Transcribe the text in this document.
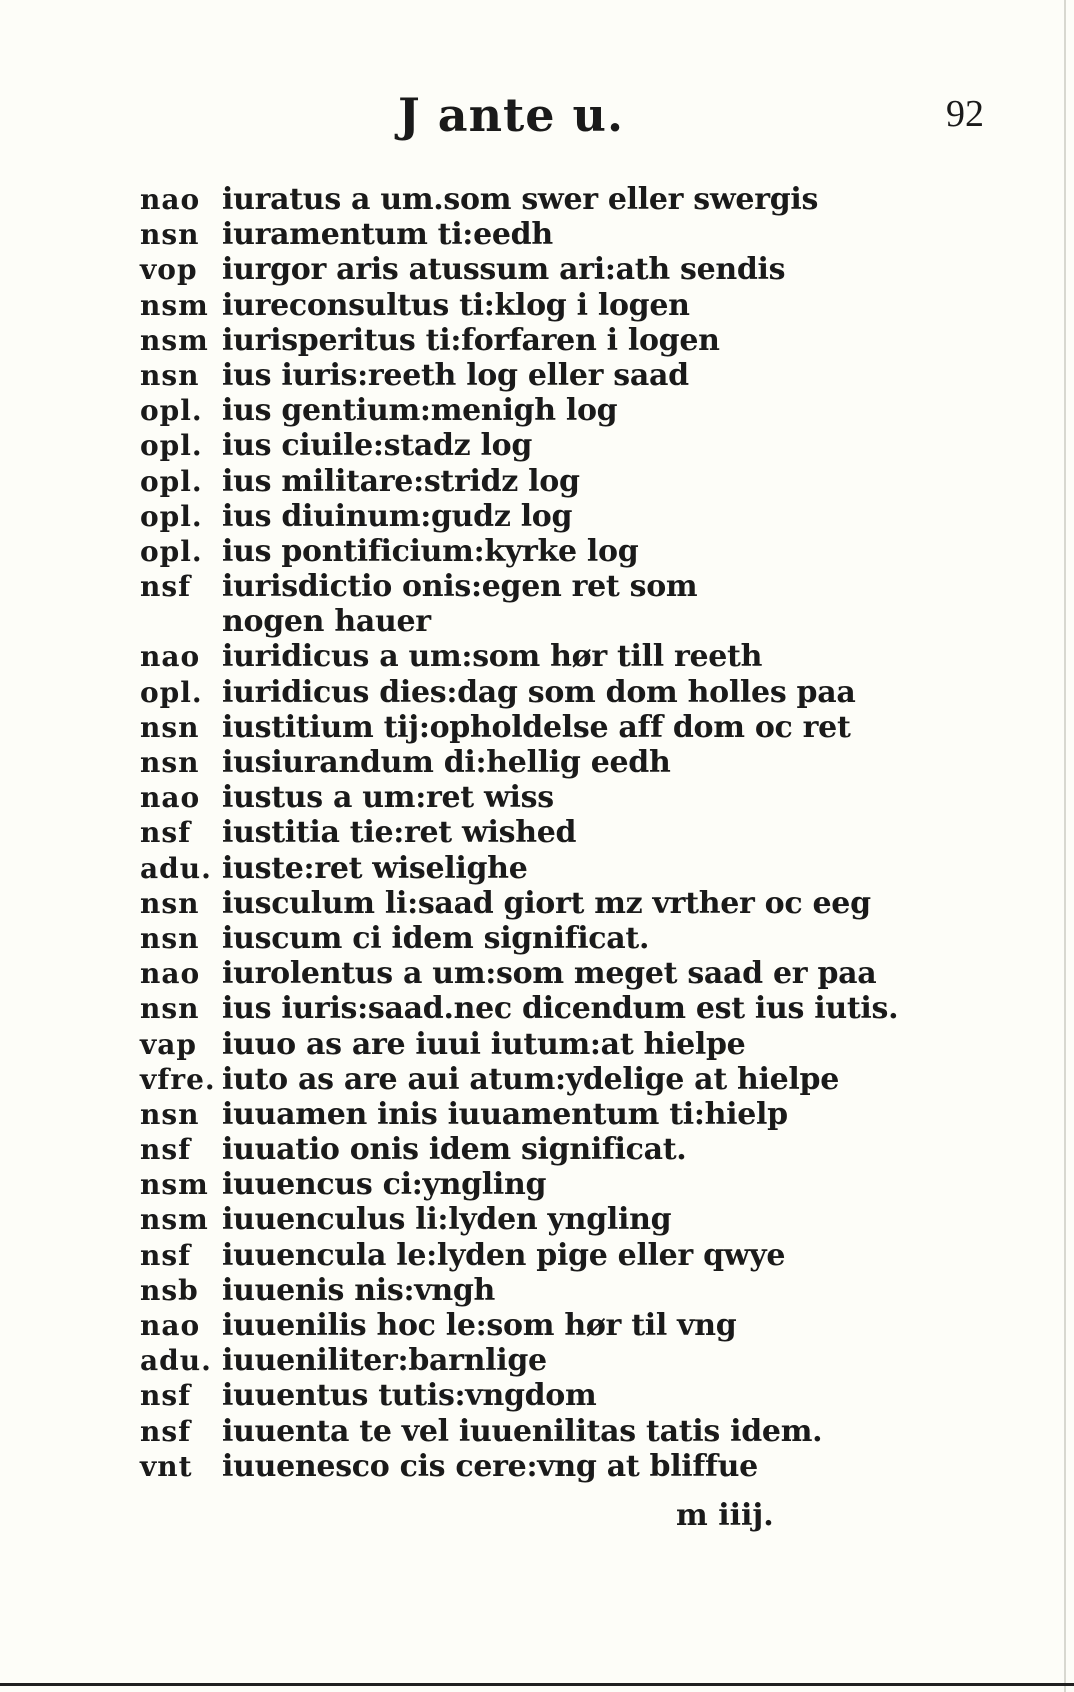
J ante u.	92
nao iuratus a um.som swer eller swergis
nsn iuramentum ti:eedh
vop iurgor aris atussum ari:ath sendis
nsm iureconsultus ti:klog i logen
nsm iurisperitus ti:forfaren i logen
nsn ius iuris:reeth log eller saad
opl. ius gentium:menigh log
opl. ius ciuile:stadz log
opl. ius militare:stridz log
opl. ius diuinum:gudz log
opl. ius pontificium:kyrke log
nsf	iurisdictio onis:egen ret som
nogen hauer
nao iuridicus a um:som hør till reeth
opl. iuridicus dies:dag som dom holles paa
nsn iustitium tij:opholdelse aff dom oc ret
nsn iusiurandum di:hellig eedh
nao iustus a um:ret wiss
nsf	iustitia tie:ret wished
adu. iuste:ret wiselighe
nsn iusculum li:saad giort mz vrther oc eeg
nsn iuscum ci idem significat.
nao iurolentus a um:som meget saad er paa
nsn ius iuris:saad.nec dicendum est ius iutis.
vap iuuo as are iuui iutum:at hielpe
vfre. iuto as are aui atum:ydelige at hielpe
nsn iuuamen inis iuuamentum ti:hielp
nsf	iuuatio onis idem significat.
nsm iuuencus ci:yngling
nsm iuuenculus li:lyden yngling
nsf	iuuencula le:lyden pige eller qwye
nsb iuuenis nis:vngh
nao iuuenilis hoc le:som hør til vng
adu. iuueniliter:barnlige
nsf	iuuentus tutis:vngdom
nsf	iuuenta te vel iuuenilitas tatis idem.
vnt iuuenesco cis cere:vng at bliffue
m iiij.
